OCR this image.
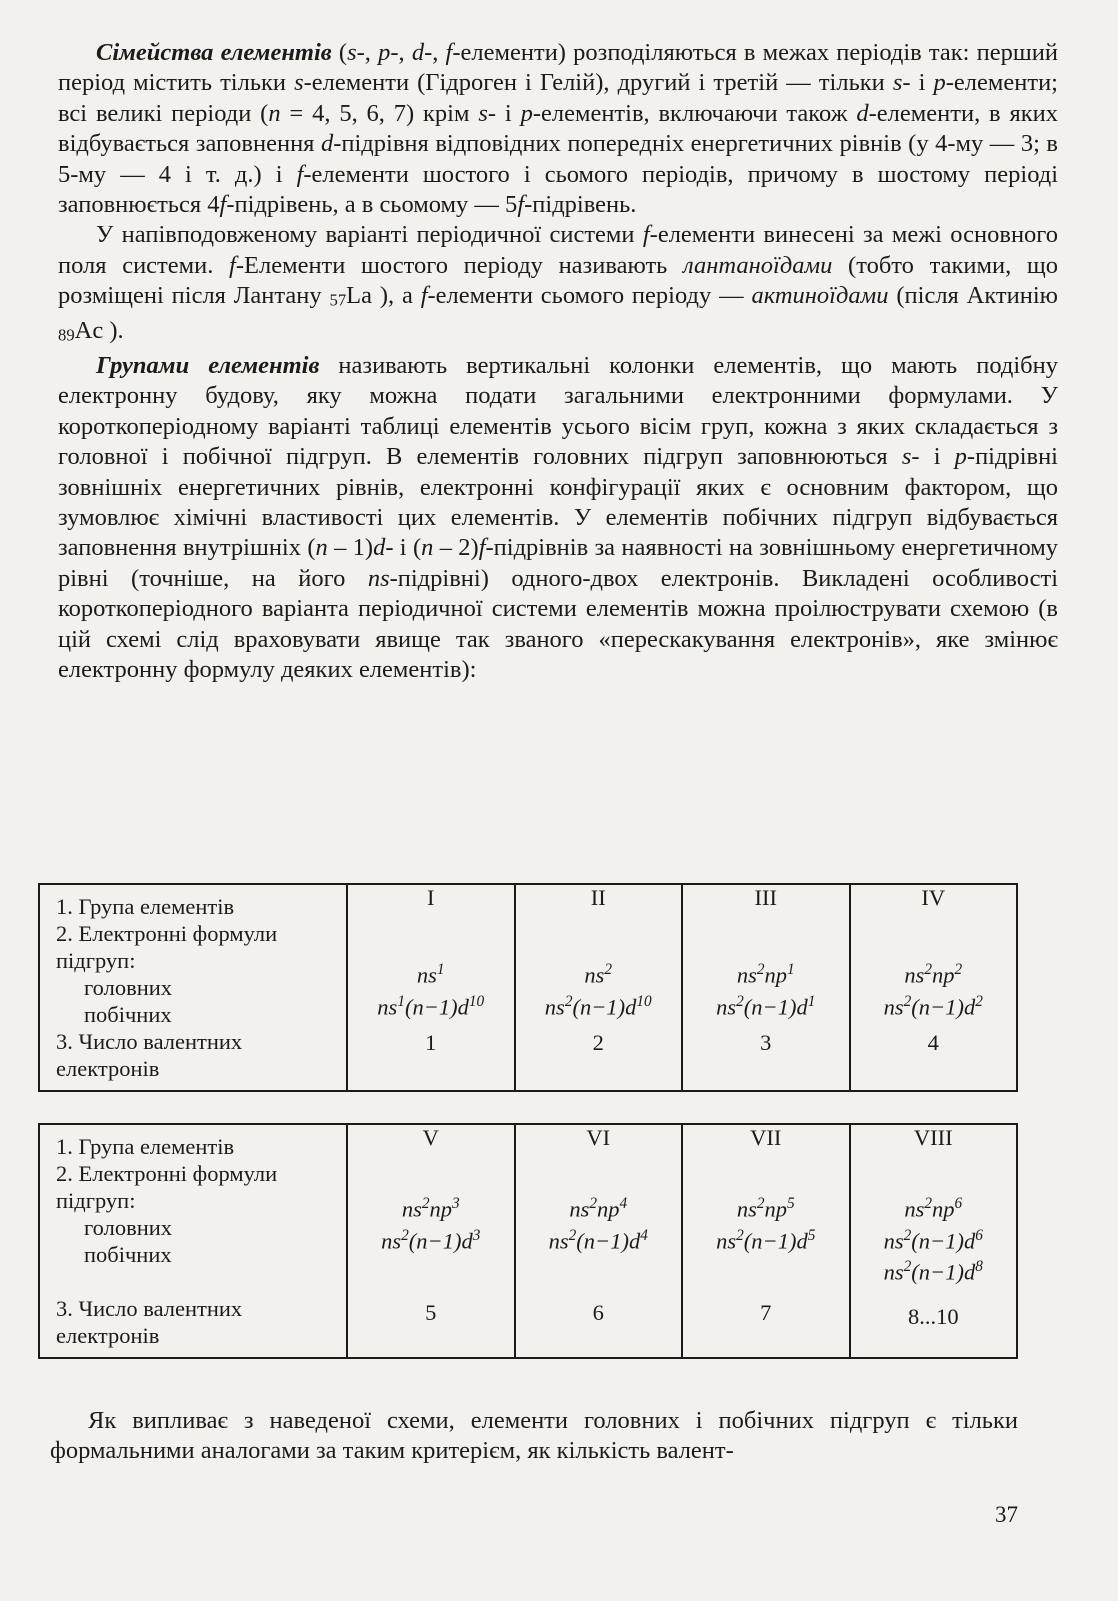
Сімейства елементів (s-, p-, d-, f-елементи) розподіляються в межах періодів так: перший період містить тільки s-елементи (Гідроген і Гелій), другий і третій — тільки s- і p-елементи; всі великі періоди (n = 4, 5, 6, 7) крім s- і p-елементів, включаючи також d-елементи, в яких відбувається заповнення d-підрівня відповідних попередніх енергетичних рівнів (у 4-му — 3; в 5-му — 4 і т. д.) і f-елементи шостого і сьомого періодів, причому в шостому періоді заповнюється 4f-підрівень, а в сьомому — 5f-підрівень.

У напівподовженому варіанті періодичної системи f-елементи винесені за межі основного поля системи. f-Елементи шостого періоду називають лантаноїдами (тобто такими, що розміщені після Лантану $_{57}$La ), а f-елементи сьомого періоду — актиноїдами (після Актинію $_{89}$Ac ).

Групами елементів називають вертикальні колонки елементів, що мають подібну електронну будову, яку можна подати загальними електронними формулами. У короткоперіодному варіанті таблиці елементів усього вісім груп, кожна з яких складається з головної і побічної підгруп. В елементів головних підгруп заповнюються s- і p-підрівні зовнішніх енергетичних рівнів, електронні конфігурації яких є основним фактором, що зумовлює хімічні властивості цих елементів. У елементів побічних підгруп відбувається заповнення внутрішніх (n – 1)d- і (n – 2)f-підрівнів за наявності на зовнішньому енергетичному рівні (точніше, на його ns-підрівні) одного-двох електронів. Викладені особливості короткоперіодного варіанта періодичної системи елементів можна проілюструвати схемою (в цій схемі слід враховувати явище так званого «перескакування електронів», яке змінює електронну формулу деяких елементів):

1. Група елементів
2. Електронні формули
підгруп:
головних
побічних
3. Число валентних
електронів

I
$ns^1$
$ns^1(n-1)d^{10}$
1

II
$ns^2$
$ns^2(n-1)d^{10}$
2

III
$ns^2np^1$
$ns^2(n-1)d^1$
3

IV
$ns^2np^2$
$ns^2(n-1)d^2$
4
1. Група елементів
2. Електронні формули
підгруп:
головних
побічних
3. Число валентних
електронів

V
$ns^2np^3$
$ns^2(n-1)d^3$
5

VI
$ns^2np^4$
$ns^2(n-1)d^4$
6

VII
$ns^2np^5$
$ns^2(n-1)d^5$
7

VIII
$ns^2np^6$
$ns^2(n-1)d^6$
$ns^2(n-1)d^8$
8...10

Як випливає з наведеної схеми, елементи головних і побічних підгруп є тільки формальними аналогами за таким критерієм, як кількість валент-

37
